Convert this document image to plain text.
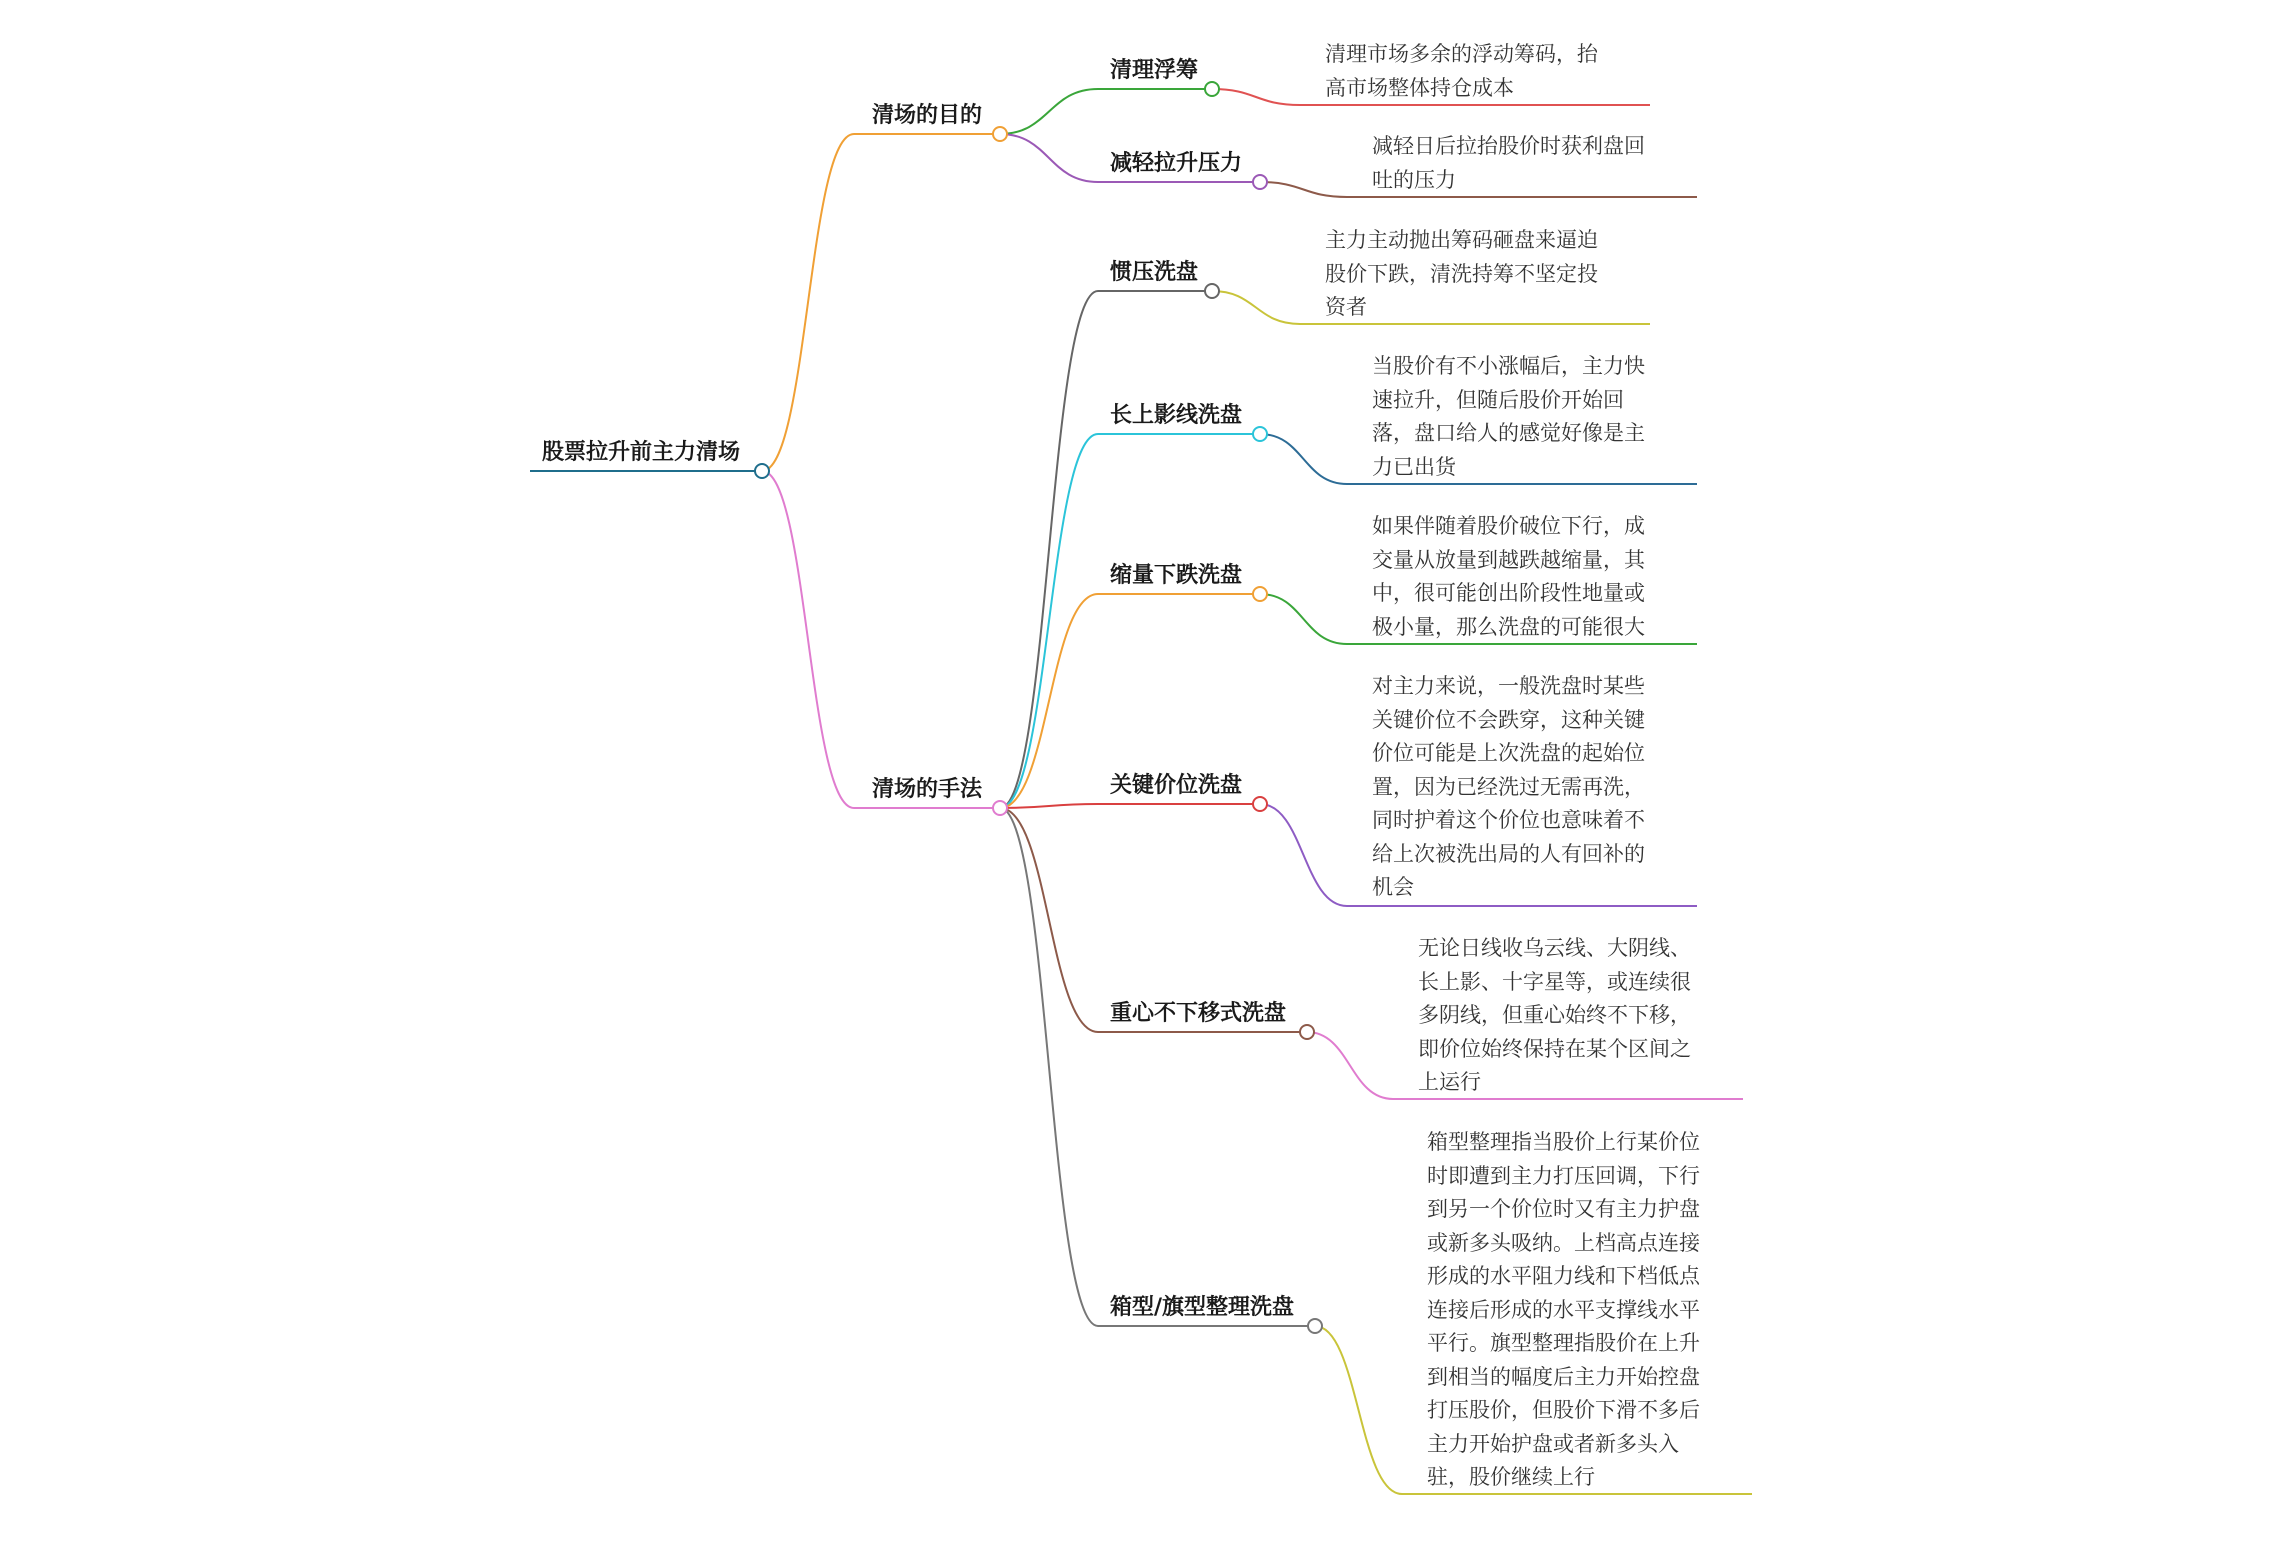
股票拉升前主力清场
清场的目的
清理浮筹
清理市场多余的浮动筹码，抬
高市场整体持仓成本
减轻拉升压力
减轻日后拉抬股价时获利盘回
吐的压力
清场的手法
惯压洗盘
主力主动抛出筹码砸盘来逼迫
股价下跌，清洗持筹不坚定投
资者
长上影线洗盘
当股价有不小涨幅后，主力快
速拉升，但随后股价开始回
落，盘口给人的感觉好像是主
力已出货
缩量下跌洗盘
如果伴随着股价破位下行，成
交量从放量到越跌越缩量，其
中，很可能创出阶段性地量或
极小量，那么洗盘的可能很大
关键价位洗盘
对主力来说，一般洗盘时某些
关键价位不会跌穿，这种关键
价位可能是上次洗盘的起始位
置，因为已经洗过无需再洗，
同时护着这个价位也意味着不
给上次被洗出局的人有回补的
机会
重心不下移式洗盘
无论日线收乌云线、大阴线、
长上影、十字星等，或连续很
多阴线，但重心始终不下移，
即价位始终保持在某个区间之
上运行
箱型/旗型整理洗盘
箱型整理指当股价上行某价位
时即遭到主力打压回调，下行
到另一个价位时又有主力护盘
或新多头吸纳。上档高点连接
形成的水平阻力线和下档低点
连接后形成的水平支撑线水平
平行。旗型整理指股价在上升
到相当的幅度后主力开始控盘
打压股价，但股价下滑不多后
主力开始护盘或者新多头入
驻，股价继续上行
